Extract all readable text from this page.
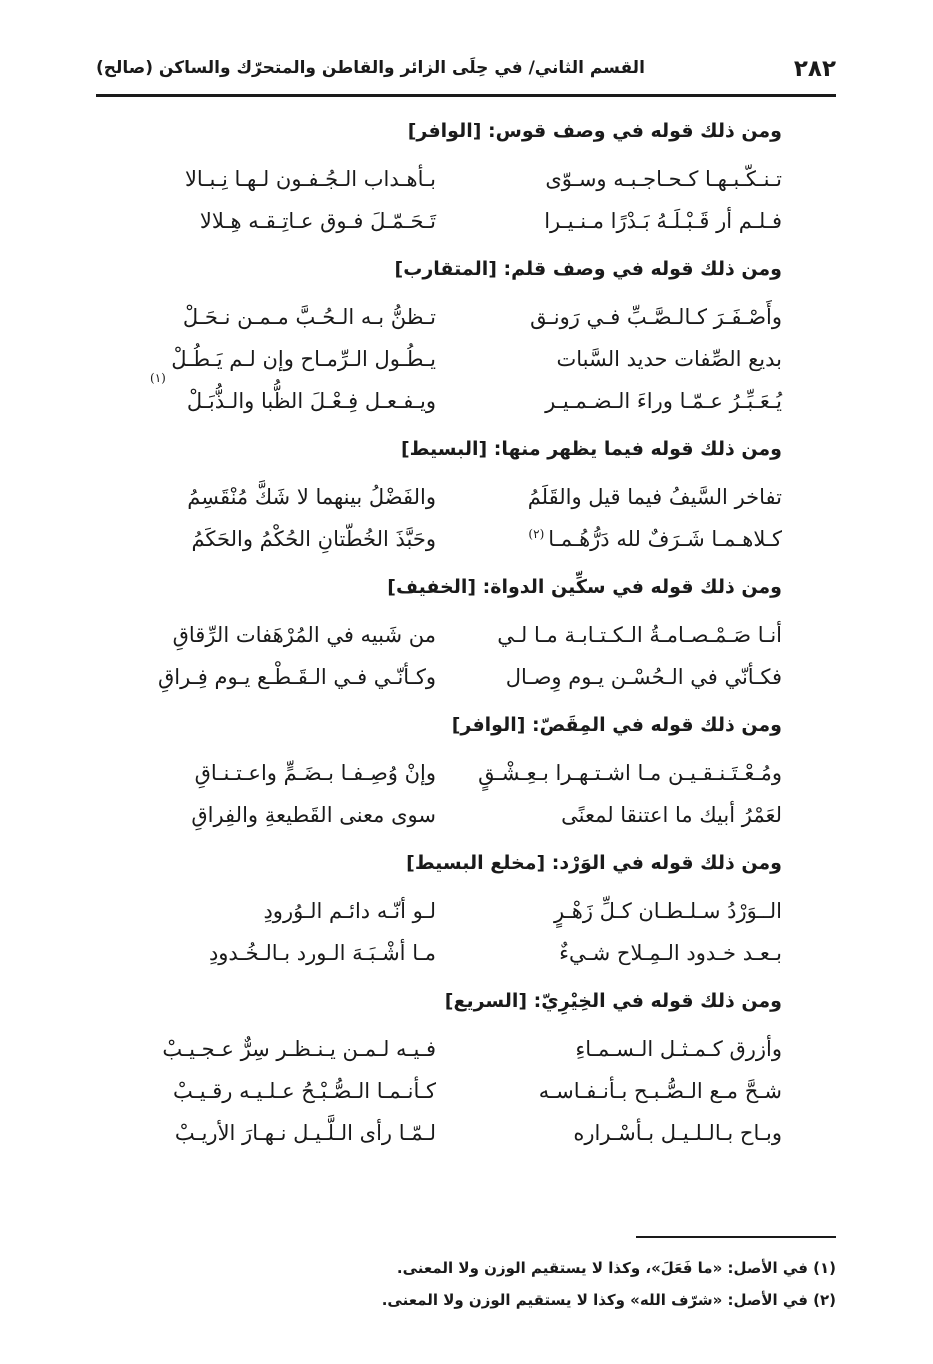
٢٨٢
القسم الثاني/ في حِلَى الزائر والقاطن والمتحرّك والساكن (صالح)
ومن ذلك قوله في وصف قوس: [الوافر]
تـنـكّـبـهـا كـحـاجـبـه وسـوّى
بـأهـداب الـجُـفـون لـهـا نِـبـالا
فـلـم أر قَـبْـلَـهُ بَـدْرًا مـنـيـرا
تَـحَـمّـلَ فـوق عـاتِـقـه هِـلالا
ومن ذلك قوله في وصف قلم: [المتقارب]
وأَصْـفَـرَ كـالـصَّـبِّ فـي رَونـق
تـظنُّ بـه الـحُـبَّ مـمـن نـحَـلْ
بديع الصِّفات حديد السَّبات
يـطُـول الـرِّمـاح وإن لـم يَـطُـلْ
يُـعَـبِّـرُ عـمّـا وراءَ الـضـمـيـر
(١)
ويـفـعـل فِـعْـلَ الظُّبا والـذُّبَـلْ
ومن ذلك قوله فيما يظهر منها: [البسيط]
تفاخر السَّيفُ فيما قيل والقَلَمُ
والفَضْلُ بينهما لا شَكَّ مُنْقَسِمُ
كـلاهـمـا شَـرَفٌ لله دَرُّهُـمـا$^{(٢)}$
وحَبَّذَ الخُطّتانِ الحُكْمُ والحَكَمُ
ومن ذلك قوله في سكِّين الدواة: [الخفيف]
أنـا صَـمْـصـامـةُ الـكـتـابـة مـا لـي
من شَبيه في المُرْهَفات الرِّقاقِ
فكـأنّي في الـحُسْـن يـوم وِصـال
وكـأنّـي فـي الـقَـطْـع يـوم فِـراقِ
ومن ذلك قوله في المِقَصّ: [الوافر]
ومُـعْـتَـنـقـيـن مـا اشـتـهـرا بـعِـشْـقٍ
وإنْ وُصِـفـا بـضَـمٍّ واعـتـنـاقِ
لعَمْرُ أبيك ما اعتنقا لمعنًى
سوى معنى القَطيعةِ والفِراقِ
ومن ذلك قوله في الوَرْد: [مخلع البسيط]
الــوَرْدُ سـلـطـان كـلِّ زَهْـرٍ
لـو أنّـه دائـم الـوُرودِ
بـعـد خـدود الـمِـلاح شـيءٌ
مـا أشْـبَـهَ الـورد بـالـخُـدودِ
ومن ذلك قوله في الخِيْرِيّ: [السريع]
وأزرق كـمـثـل الـسـمـاءِ
فـيـه لـمـن يـنـظـر سِرٌّ عـجـيـبْ
شـحَّ مـع الـصُّـبـح بـأنـفـاسـه
كـأنـمـا الـصُّـبْـحُ عـلـيـه رقـيـبْ
وبـاح بـالـلـيـل بـأسْـراره
لـمّـا رأى الـلَّـيـل نـهـارَ الأريـبْ
(١) في الأصل: «ما فَعَلَ»، وكذا لا يستقيم الوزن ولا المعنى.
(٢) في الأصل: «شرّف الله» وكذا لا يستقيم الوزن ولا المعنى.
